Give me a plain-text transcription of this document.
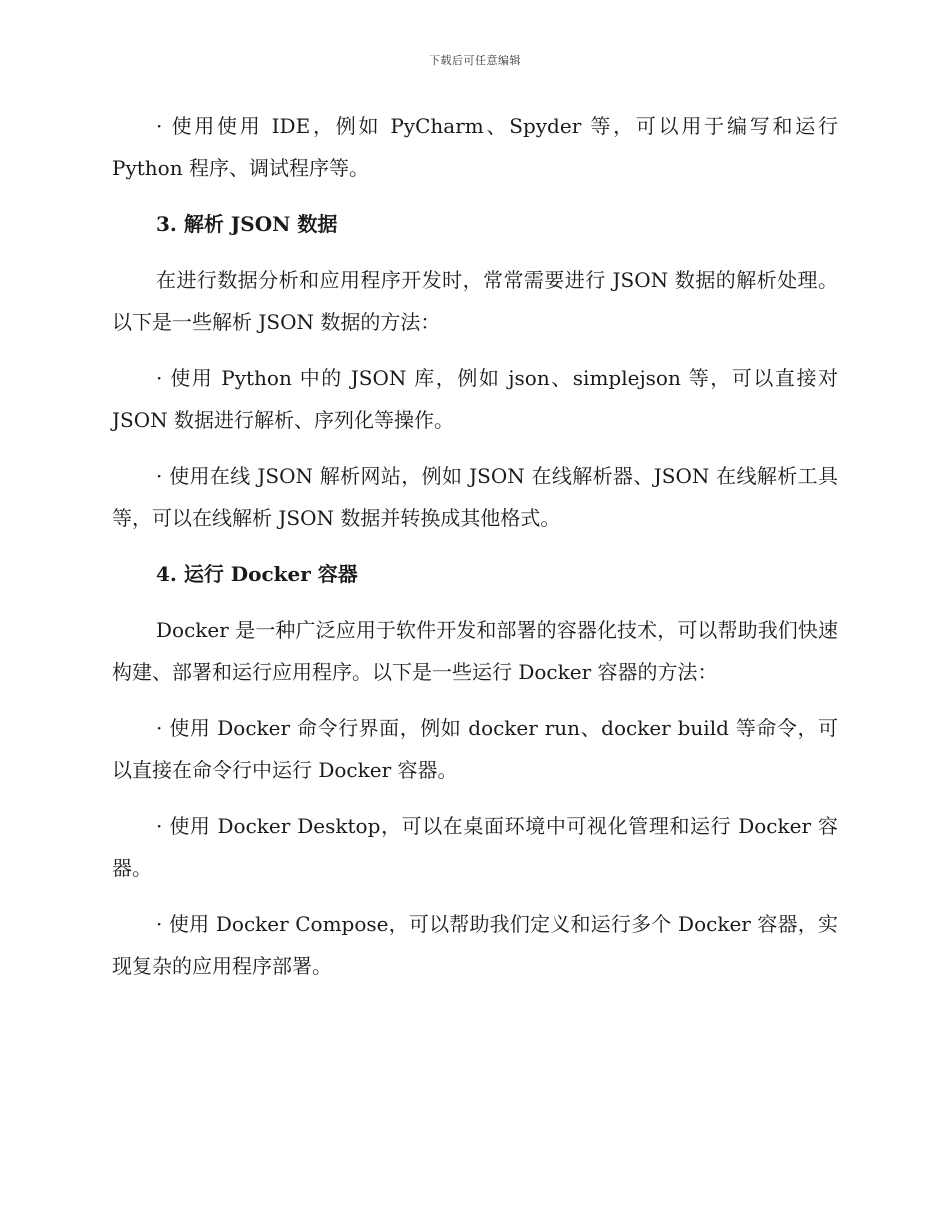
下载后可任意编辑

· 使用使用 IDE，例如 PyCharm、Spyder 等，可以用于编写和运行 Python 程序、调试程序等。

3. 解析 JSON 数据

在进行数据分析和应用程序开发时，常常需要进行 JSON 数据的解析处理。以下是一些解析 JSON 数据的方法：

· 使用 Python 中的 JSON 库，例如 json、simplejson 等，可以直接对 JSON 数据进行解析、序列化等操作。

· 使用在线 JSON 解析网站，例如 JSON 在线解析器、JSON 在线解析工具等，可以在线解析 JSON 数据并转换成其他格式。

4. 运行 Docker 容器

Docker 是一种广泛应用于软件开发和部署的容器化技术，可以帮助我们快速构建、部署和运行应用程序。以下是一些运行 Docker 容器的方法：

· 使用 Docker 命令行界面，例如 docker run、docker build 等命令，可以直接在命令行中运行 Docker 容器。

· 使用 Docker Desktop，可以在桌面环境中可视化管理和运行 Docker 容器。

· 使用 Docker Compose，可以帮助我们定义和运行多个 Docker 容器，实现复杂的应用程序部署。
